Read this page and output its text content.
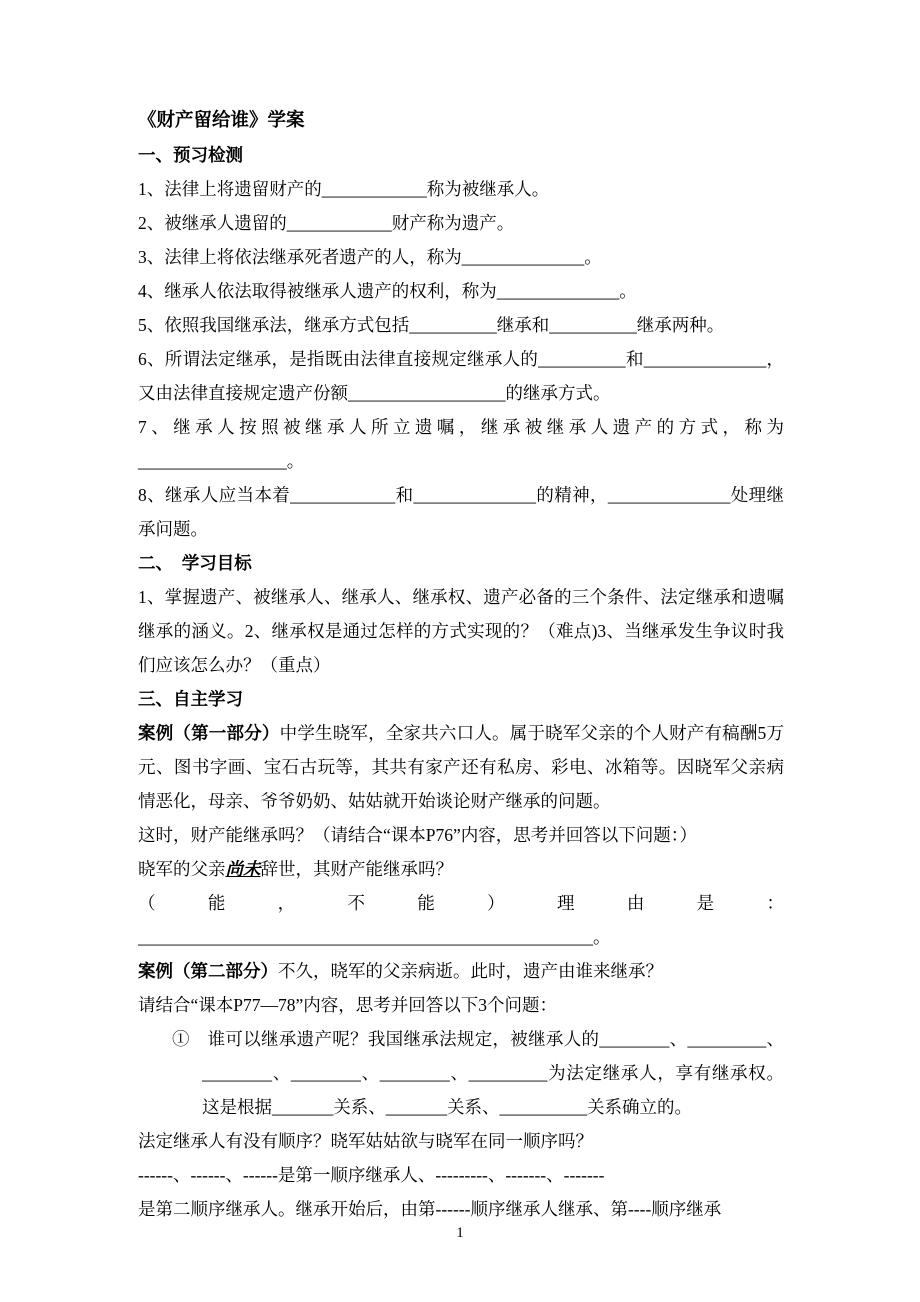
《财产留给谁》学案

一、预习检测

1、法律上将遗留财产的____________称为被继承人。

2、被继承人遗留的____________财产称为遗产。

3、法律上将依法继承死者遗产的人，称为______________。

4、继承人依法取得被继承人遗产的权利，称为______________。

5、依照我国继承法，继承方式包括__________继承和__________继承两种。

6、所谓法定继承，是指既由法律直接规定继承人的__________和______________，又由法律直接规定遗产份额__________________的继承方式。

7、继承人按照被继承人所立遗嘱，继承被继承人遗产的方式，称为_________________。

8、继承人应当本着____________和______________的精神，______________处理继承问题。

二、　学习目标

1、掌握遗产、被继承人、继承人、继承权、遗产必备的三个条件、法定继承和遗嘱继承的涵义。2、继承权是通过怎样的方式实现的？（难点)3、当继承发生争议时我们应该怎么办？（重点）

三、自主学习

案例（第一部分）中学生晓军，全家共六口人。属于晓军父亲的个人财产有稿酬5万元、图书字画、宝石古玩等，其共有家产还有私房、彩电、冰箱等。因晓军父亲病情恶化，母亲、爷爷奶奶、姑姑就开始谈论财产继承的问题。

这时，财产能继承吗？（请结合“课本P76”内容，思考并回答以下问题：）

晓军的父亲尚未辞世，其财产能继承吗？

（能，不能）理由是：____________________________________________________。

案例（第二部分）不久，晓军的父亲病逝。此时，遗产由谁来继承？

请结合“课本P77—78”内容，思考并回答以下3个问题：

①　谁可以继承遗产呢？我国继承法规定，被继承人的________、_________、________、________、________、_________为法定继承人，享有继承权。这是根据_______关系、_______关系、__________关系确立的。

法定继承人有没有顺序？晓军姑姑欲与晓军在同一顺序吗？

------、------、------是第一顺序继承人、---------、-------、-------

是第二顺序继承人。继承开始后，由第------顺序继承人继承、第----顺序继承

1
